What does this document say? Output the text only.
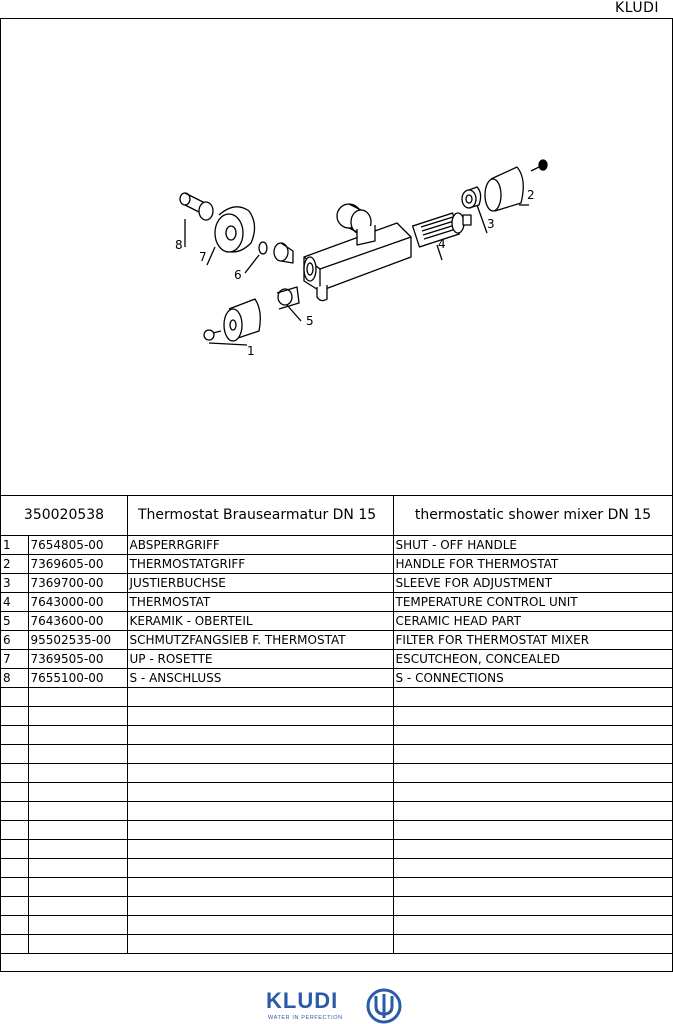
KLUDI
1
2
3
4
5
6
7
8
350020538	Thermostat Brausearmatur DN 15	thermostatic shower mixer DN 15
1	7654805-00	ABSPERRGRIFF	SHUT - OFF HANDLE
2	7369605-00	THERMOSTATGRIFF	HANDLE FOR THERMOSTAT
3	7369700-00	JUSTIERBUCHSE	SLEEVE FOR ADJUSTMENT
4	7643000-00	THERMOSTAT	TEMPERATURE CONTROL UNIT
5	7643600-00	KERAMIK - OBERTEIL	CERAMIC HEAD PART
6	95502535-00	SCHMUTZFANGSIEB F. THERMOSTAT	FILTER FOR THERMOSTAT MIXER
7	7369505-00	UP - ROSETTE	ESCUTCHEON, CONCEALED
8	7655100-00	S - ANSCHLUSS	S - CONNECTIONS

KLUDI
WATER IN PERFECTION
